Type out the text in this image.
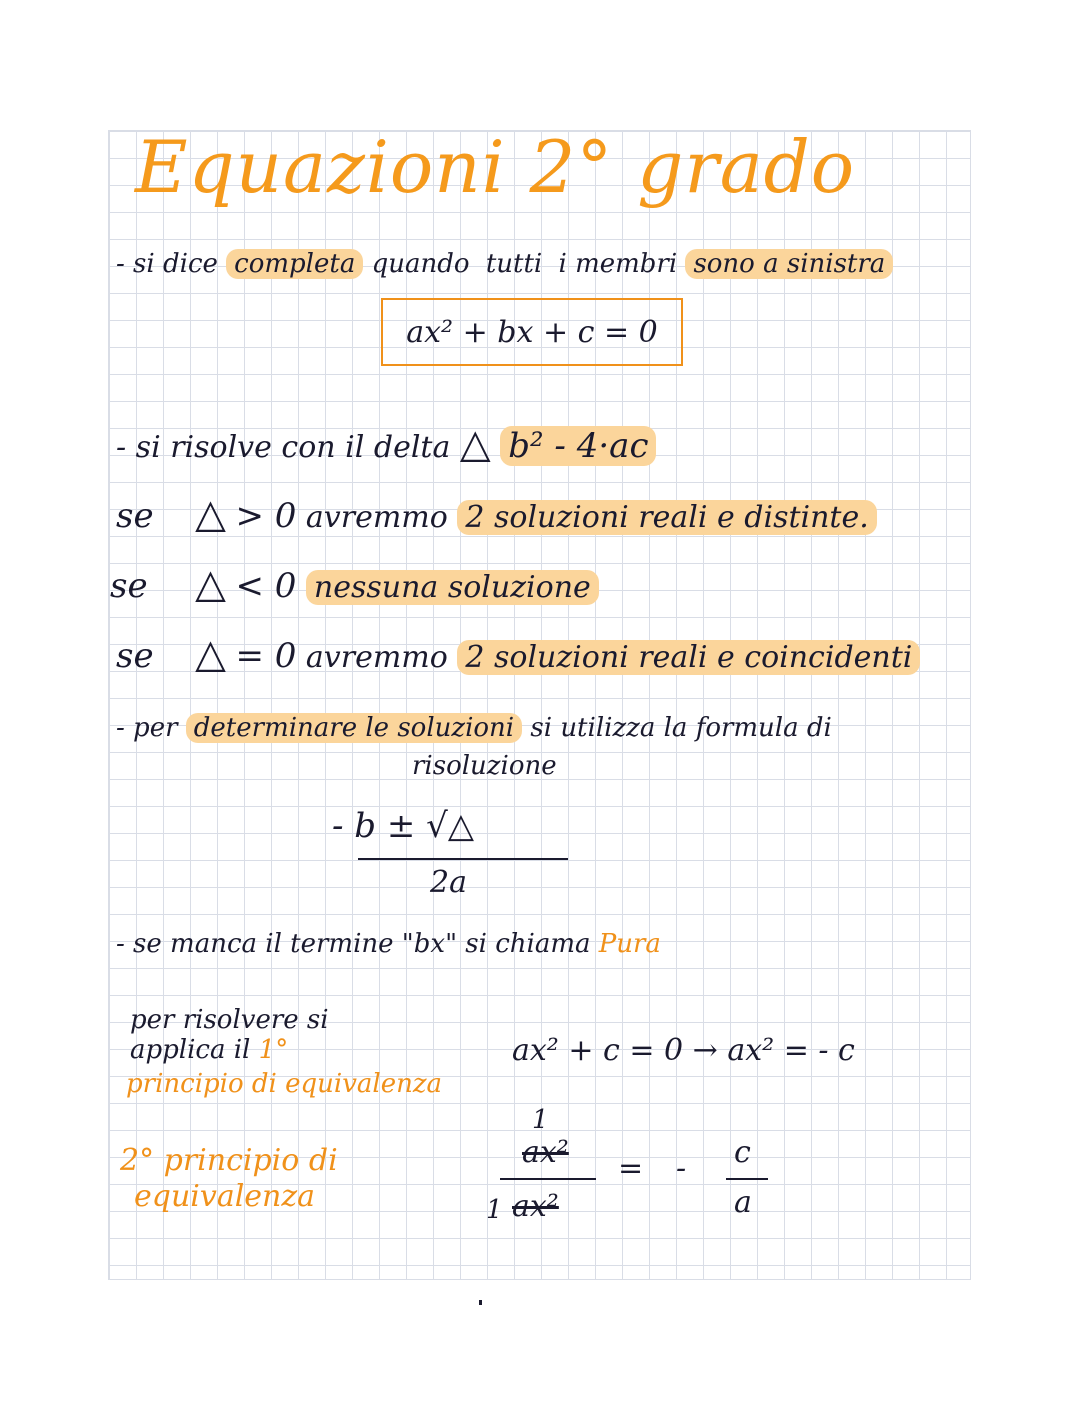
Equazioni 2° grado
- si dice completa quando tutti i membri sono a sinistra
ax² + bx + c = 0
- si risolve con il delta △ b² - 4·ac
se △ > 0 avremmo 2 soluzioni reali e distinte.
se △ < 0 nessuna soluzione
se △ = 0 avremmo 2 soluzioni reali e coincidenti
- per determinare le soluzioni si utilizza la formula di
risoluzione
- b ± √△
2a
- se manca il termine "bx" si chiama Pura
per risolvere si
applica il 1°
principio di equivalenza
ax² + c = 0 → ax² = - c
2° principio di
equivalenza
1
ax²
1 ax²
= - c
a
